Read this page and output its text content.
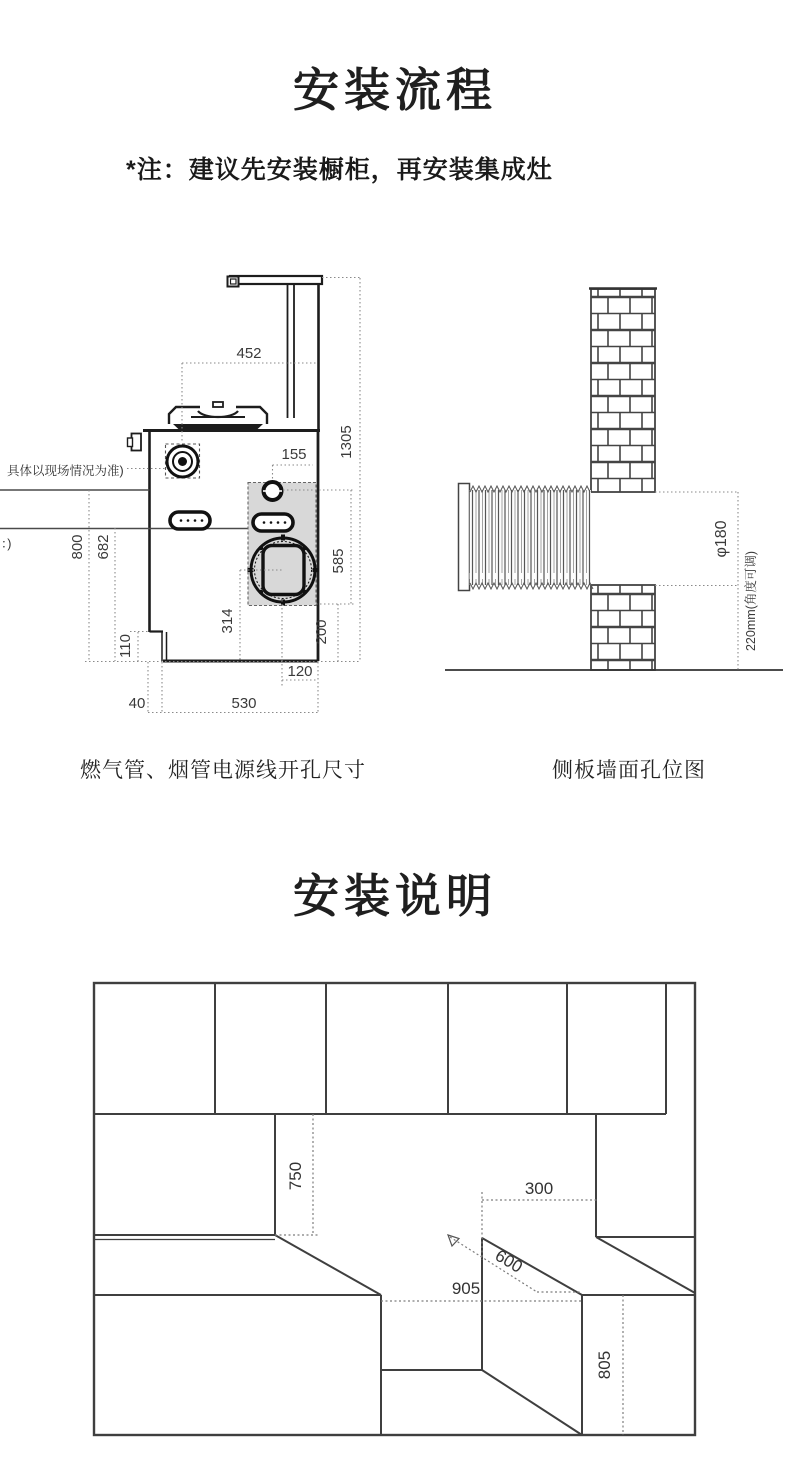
安装流程
*注：建议先安装橱柜，再安装集成灶
452
1305
155
800 682
585
314	200
110
120
40	530
具体以现场情况为准)
：)	φ180
220mm(角度可调)
燃气管、烟管电源线开孔尺寸	侧板墙面孔位图
安装说明
750	300
600
905
805
